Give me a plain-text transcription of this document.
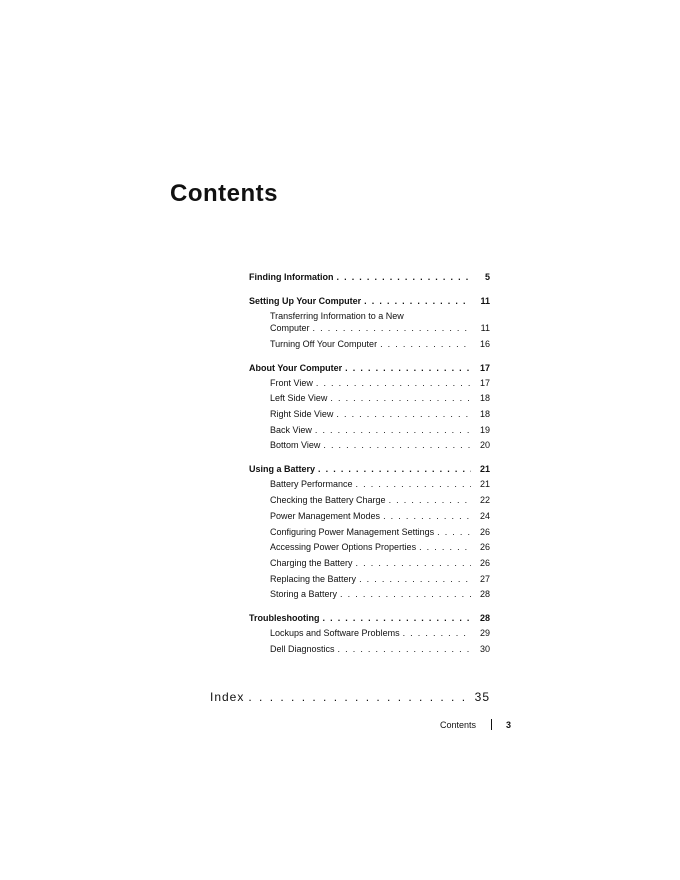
Contents
Finding Information . . .	5
Setting Up Your Computer . . .	11
Transferring Information to a New
Computer . . .	11
Turning Off Your Computer . . .	16
About Your Computer . . .	17
Front View . . .	17
Left Side View . . .	18
Right Side View . . .	18
Back View . . .	19
Bottom View . . .	20
Using a Battery . . .	21
Battery Performance . . .	21
Checking the Battery Charge . . .	22
Power Management Modes . . .	24
Configuring Power Management Settings . . .	26
Accessing Power Options Properties . . .	26
Charging the Battery . . .	26
Replacing the Battery . . .	27
Storing a Battery . . .	28
Troubleshooting . . .	28
Lockups and Software Problems . . .	29
Dell Diagnostics . . .	30
Index . . .	35
Contents	3
